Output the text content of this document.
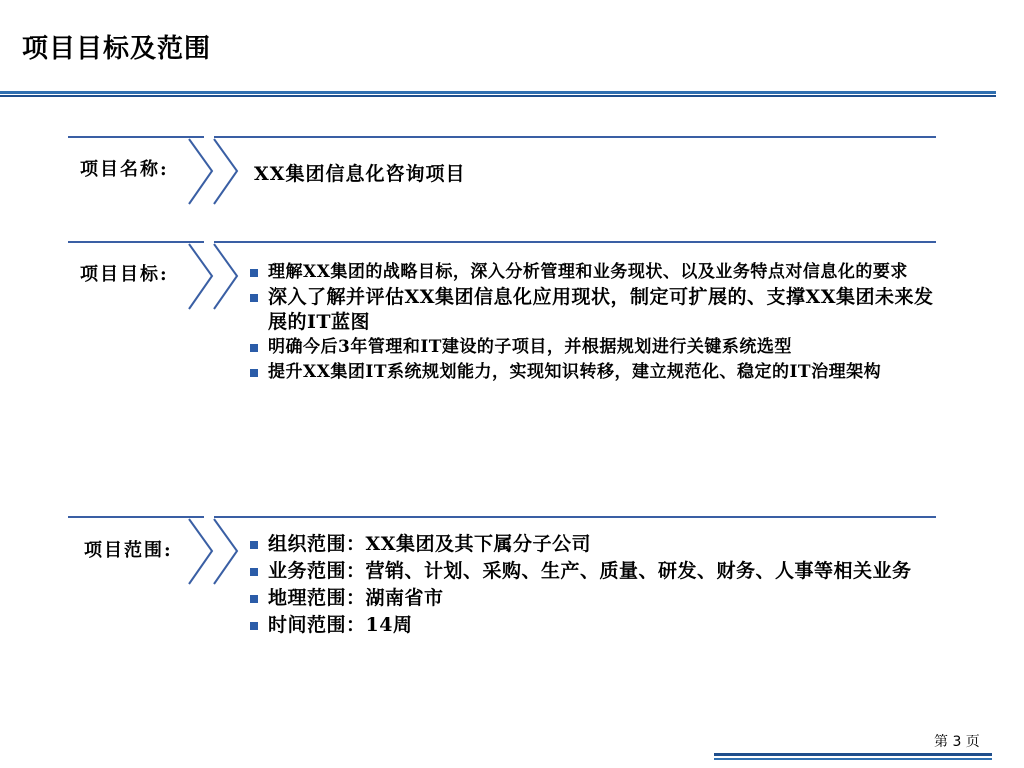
项目目标及范围
项目名称:	XX集团信息化咨询项目
项目目标:	理解XX集团的战略目标，深入分析管理和业务现状、以及业务特点对信息化的要求
深入了解并评估XX集团信息化应用现状，制定可扩展的、支撑XX集团未来发展的IT蓝图
明确今后3年管理和IT建设的子项目，并根据规划进行关键系统选型
提升XX集团IT系统规划能力，实现知识转移，建立规范化、稳定的IT治理架构
项目范围:	组织范围：XX集团及其下属分子公司
业务范围：营销、计划、采购、生产、质量、研发、财务、人事等相关业务
地理范围：湖南省市
时间范围：14周
第 3 页
